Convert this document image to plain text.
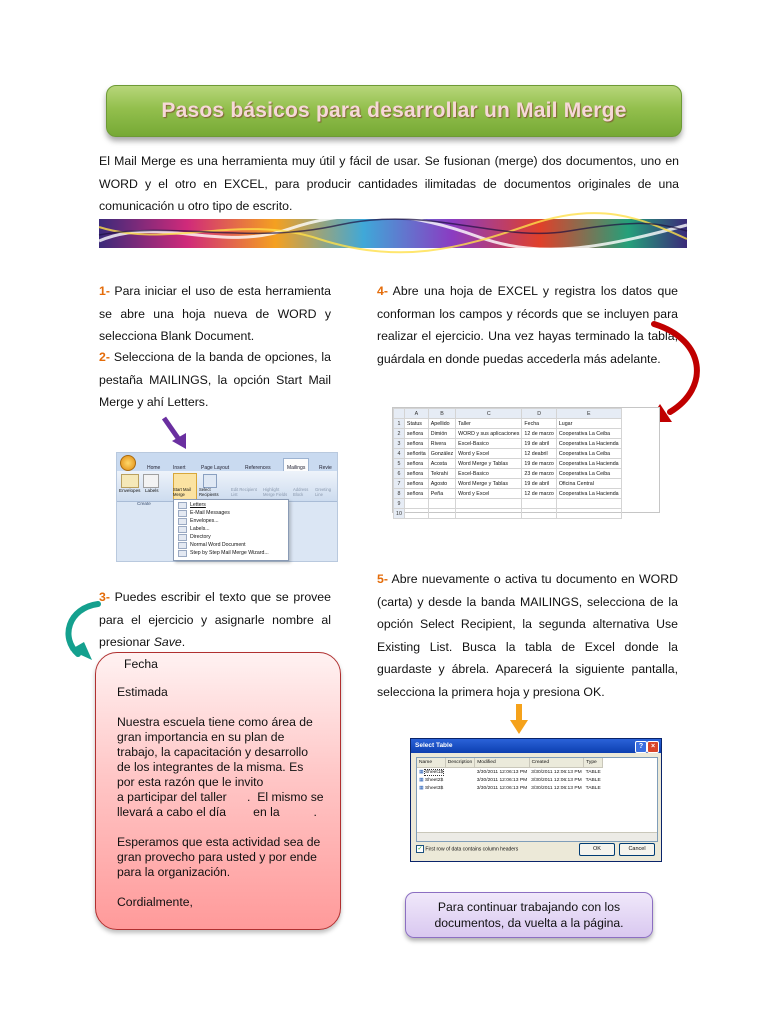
Pasos básicos para desarrollar un Mail Merge
El Mail Merge es una herramienta muy útil y fácil de usar. Se fusionan (merge) dos documentos, uno en WORD y el otro en EXCEL, para producir cantidades ilimitadas de documentos originales de una comunicación u otro tipo de escrito.
1- Para iniciar el uso de esta herramienta se abre una hoja nueva de WORD y selecciona Blank Document.
2- Selecciona de la banda de opciones, la pestaña MAILINGS, la opción Start Mail Merge y ahí Letters.
Home	Insert	Page Layout	References	Mailings	Revie
Envelopes Labels	Start Mail Merge
Select Recipients
Edit Recipient List
Highlight Merge Fields
Address Block
Greeting Line
Create	Letters
E-Mail Messages
Envelopes...
Labels...
Directory
Normal Word Document
Step by Step Mail Merge Wizard...
3- Puedes escribir el texto que se provee para el ejercicio y asignarle nombre al presionar Save.
Fecha
Estimada
Nuestra escuela tiene como área de
gran importancia en su plan de
trabajo, la capacitación y desarrollo
de los integrantes de la misma. Es
por esta razón que le invito
a participar del taller      .  El mismo se
llevará a cabo el día        en la          .
Esperamos que esta actividad sea de
gran provecho para usted y por ende
para la organización.
Cordialmente,
4- Abre una hoja de EXCEL y registra los datos que conforman los campos y récords que se incluyen para realizar el ejercicio. Una vez hayas terminado la tabla, guárdala en donde puedas accederla más adelante.
	A	B	C	D	E
1	Status	Apellido	Taller	Fecha	Lugar
2	señora	Dimión	WORD y sus aplicaciones	12 de marzo	Cooperativa La Ceiba
3	señora	Rivera	Excel-Basico	19 de abril	Cooperativa La Hacienda
4	señorita	González	Word y Excel	12 deabril	Cooperativa La Ceiba
5	señora	Acosta	Word Merge y Tablas	19 de marzo	Cooperativa La Hacienda
6	señora	Tekrahi	Excel-Basico	23 de marzo	Cooperativa La Ceiba
7	señora	Agosto	Word Merge y Tablas	19 de abril	Oficina Central
8	señora	Peña	Word y Excel	12 de marzo	Cooperativa La Hacienda
9					
10					
5- Abre nuevamente o activa tu documento en WORD (carta) y desde la banda MAILINGS, selecciona de la opción Select Recipient, la segunda alternativa Use Existing List. Busca la tabla de Excel donde la guardaste y ábrela. Aparecerá la siguiente pantalla, selecciona la primera hoja y presiona OK.
Select Table	?	×
Name	Description	Modified	Created	Type
▦ Sheet1$		3/30/2011 12:06:13 PM	3/30/2011 12:06:13 PM	TABLE
▦ Sheet2$		3/30/2011 12:06:13 PM	3/30/2011 12:06:13 PM	TABLE
▦ Sheet3$		3/30/2011 12:06:13 PM	3/30/2011 12:06:13 PM	TABLE
✓ First row of data contains column headers	OK	Cancel
Para continuar trabajando con los documentos, da vuelta a la página.
